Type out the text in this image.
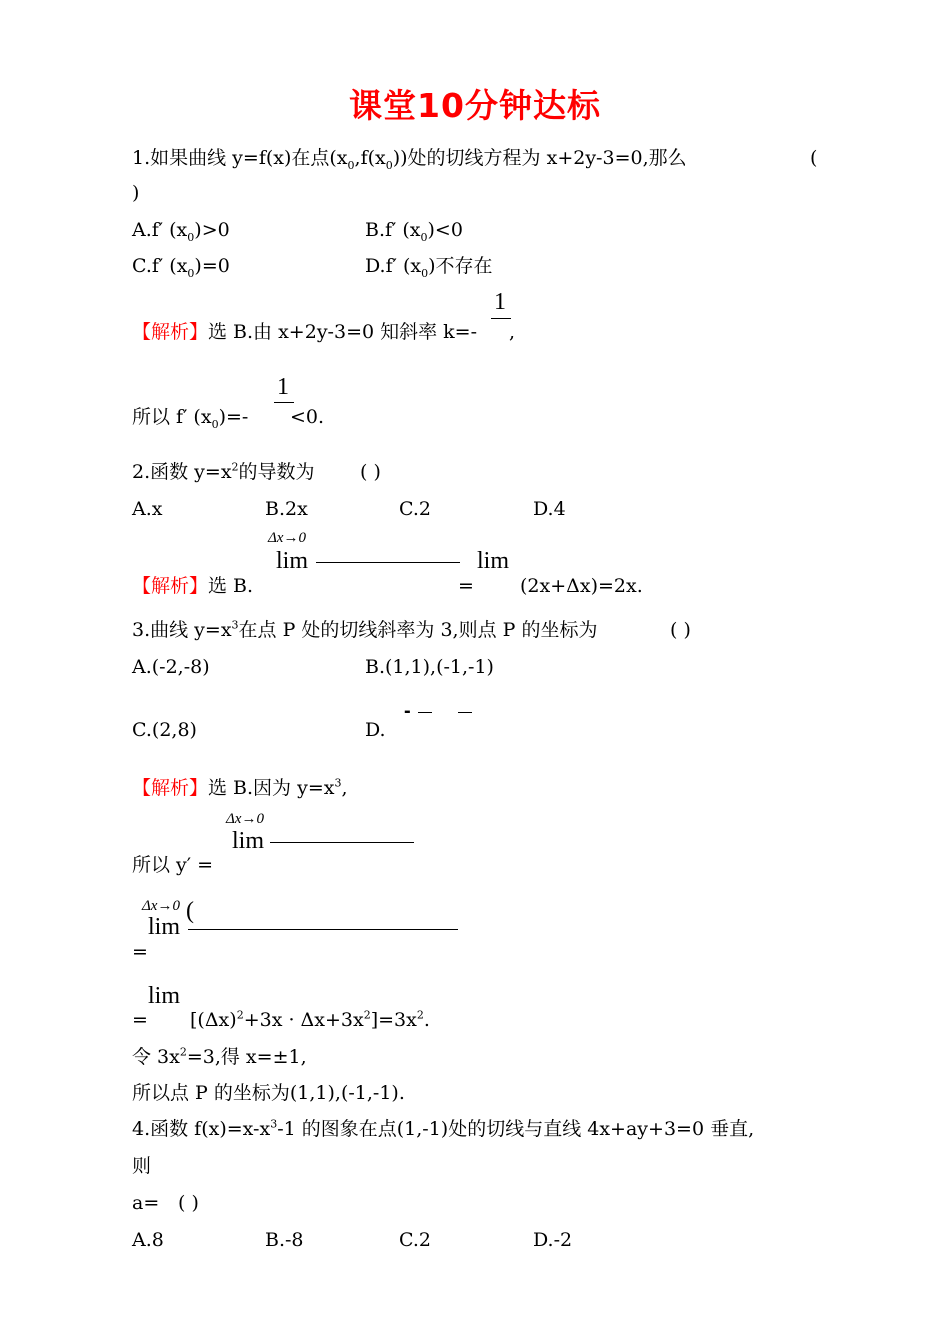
课堂10分钟达标
1.如果曲线 y=f(x)在点$(x_0,f(x_0))$处的切线方程为 x+2y-3=0,那么	(
)
A.f′ $(x_0)>0$	B.f′ $(x_0)<0$
C.f′ $(x_0)=0$	D.f′ $(x_0)$不存在
【解析】选 B.由 x+2y-3=0 知斜率 k=-
1
,
所以 f′ $(x_0)=-$
1
<0.
2.函数 $y=x^2$的导数为 ( )
A.x	B.2x	C.2	D.4
Δx→0
lim	lim
【解析】选 B.	= (2x+Δx)=2x.
3.曲线 $y=x^3$在点 P 处的切线斜率为 3,则点 P 的坐标为	( )
A.(-2,-8)	B.(1,1),(-1,-1)
C.(2,8)	D.
-
【解析】选 B.因为 $y=x^3$,
Δx→0
lim
所以 y′ =
Δx→0
lim
(
=
lim
= $[(\Delta x)^2+3x \cdot \Delta x+3x^2]=3x^2$.
令 $3x^2=3$,得 x=±1,
所以点 P 的坐标为(1,1),(-1,-1).
4.函数 $f(x)=x-x^3-1$ 的图象在点(1,-1)处的切线与直线 4x+ay+3=0 垂直,
则
a= ( )
A.8	B.-8	C.2	D.-2
